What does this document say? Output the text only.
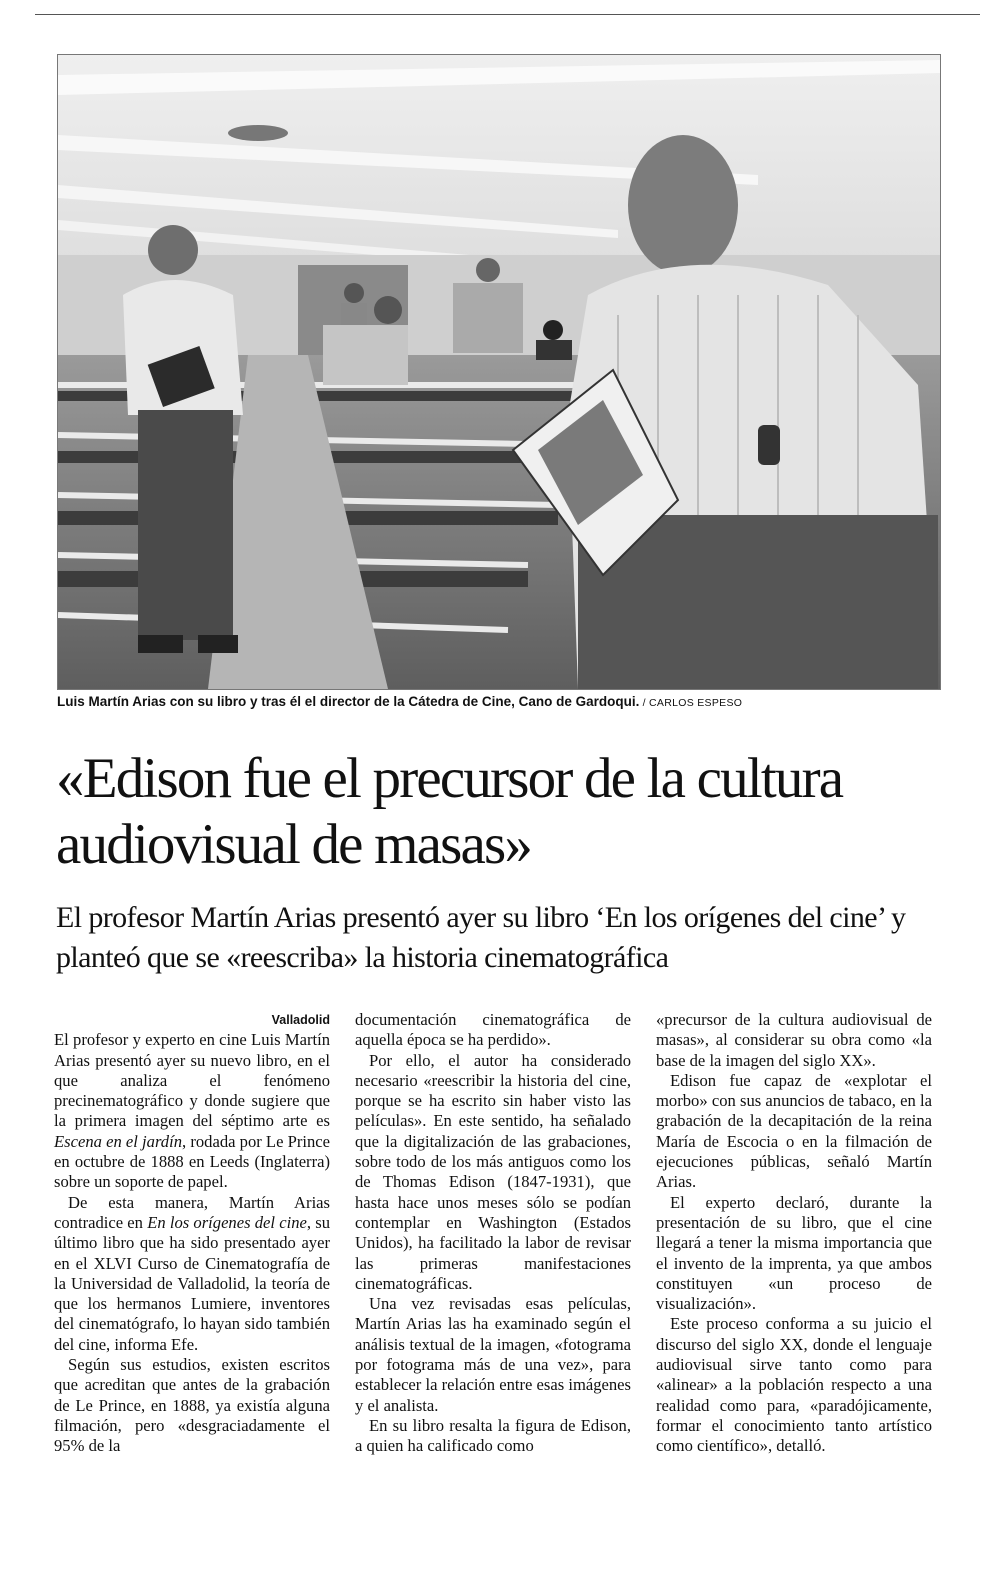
Luis Martín Arias con su libro y tras él el director de la Cátedra de Cine, Cano de Gardoqui. / CARLOS ESPESO
«Edison fue el precursor de la cultura audiovisual de masas»
El profesor Martín Arias presentó ayer su libro ‘En los orígenes del cine’ y planteó que se «reescriba» la historia cinematográfica
Valladolid

El profesor y experto en cine Luis Martín Arias presentó ayer su nuevo libro, en el que analiza el fenómeno precinematográfico y donde sugiere que la primera imagen del séptimo arte es Escena en el jardín, rodada por Le Prince en octubre de 1888 en Leeds (Inglaterra) sobre un soporte de papel.

De esta manera, Martín Arias contradice en En los orígenes del cine, su último libro que ha sido presentado ayer en el XLVI Curso de Cinematografía de la Universidad de Valladolid, la teoría de que los hermanos Lumiere, inventores del cinematógrafo, lo hayan sido también del cine, informa Efe.

Según sus estudios, existen escritos que acreditan que antes de la grabación de Le Prince, en 1888, ya existía alguna filmación, pero «desgraciadamente el 95% de la

documentación cinematográfica de aquella época se ha perdido».

Por ello, el autor ha considerado necesario «reescribir la historia del cine, porque se ha escrito sin haber visto las películas». En este sentido, ha señalado que la digitalización de las grabaciones, sobre todo de los más antiguos como los de Thomas Edison (1847-1931), que hasta hace unos meses sólo se podían contemplar en Washington (Estados Unidos), ha facilitado la labor de revisar las primeras manifestaciones cinematográficas.

Una vez revisadas esas películas, Martín Arias las ha examinado según el análisis textual de la imagen, «fotograma por fotograma más de una vez», para establecer la relación entre esas imágenes y el analista.

En su libro resalta la figura de Edison, a quien ha calificado como

«precursor de la cultura audiovisual de masas», al considerar su obra como «la base de la imagen del siglo XX».

Edison fue capaz de «explotar el morbo» con sus anuncios de tabaco, en la grabación de la decapitación de la reina María de Escocia o en la filmación de ejecuciones públicas, señaló Martín Arias.

El experto declaró, durante la presentación de su libro, que el cine llegará a tener la misma importancia que el invento de la imprenta, ya que ambos constituyen «un proceso de visualización».

Este proceso conforma a su juicio el discurso del siglo XX, donde el lenguaje audiovisual sirve tanto como para «alinear» a la población respecto a una realidad como para, «paradójicamente, formar el conocimiento tanto artístico como científico», detalló.
